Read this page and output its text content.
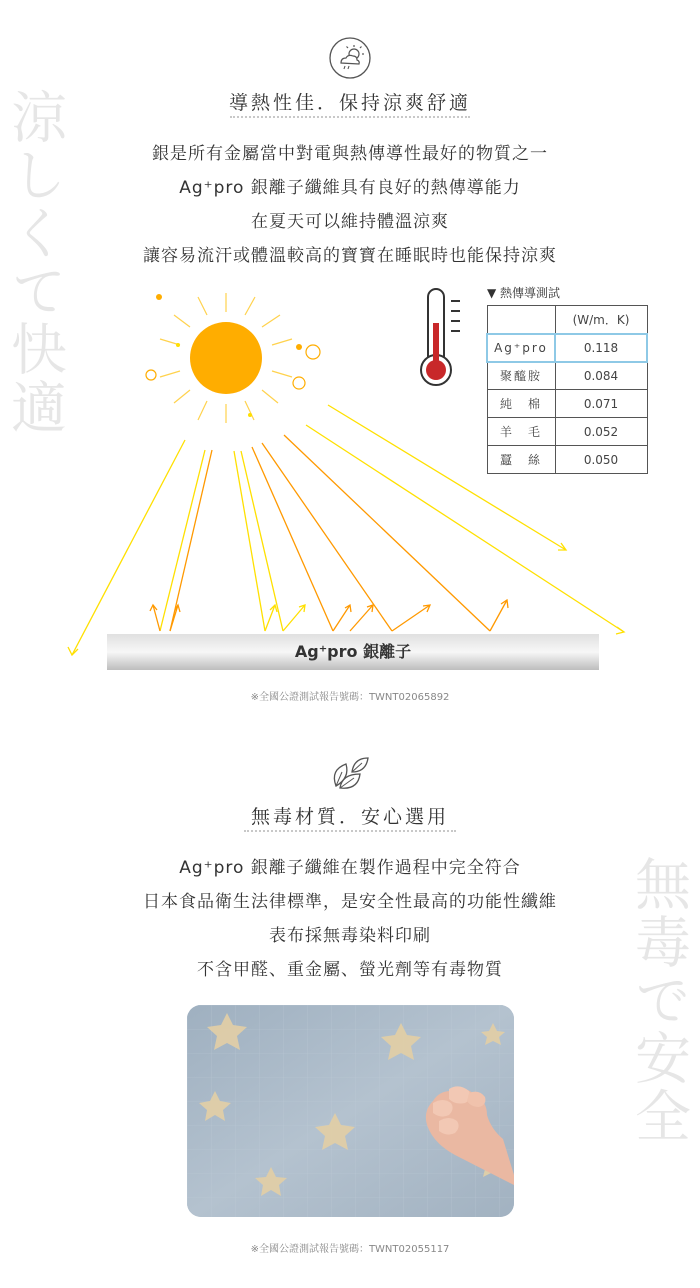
涼しくて快適
無毒で安全
導熱性佳．保持涼爽舒適
銀是所有金屬當中對電與熱傳導性最好的物質之一
Ag⁺pro 銀離子纖維具有良好的熱傳導能力
在夏天可以維持體溫涼爽
讓容易流汗或體溫較高的寶寶在睡眠時也能保持涼爽
▼ 熱傳導測試
	(W/m．K)
Ag⁺pro	0.118
聚醯胺	0.084
純　棉	0.071
羊　毛	0.052
蠶　絲	0.050
Ag⁺pro 銀離子
※全國公證測試報告號碼：TWNT02065892
無毒材質．安心選用
Ag⁺pro 銀離子纖維在製作過程中完全符合
日本食品衛生法律標準，是安全性最高的功能性纖維
表布採無毒染料印刷
不含甲醛、重金屬、螢光劑等有毒物質
※全國公證測試報告號碼：TWNT02055117
